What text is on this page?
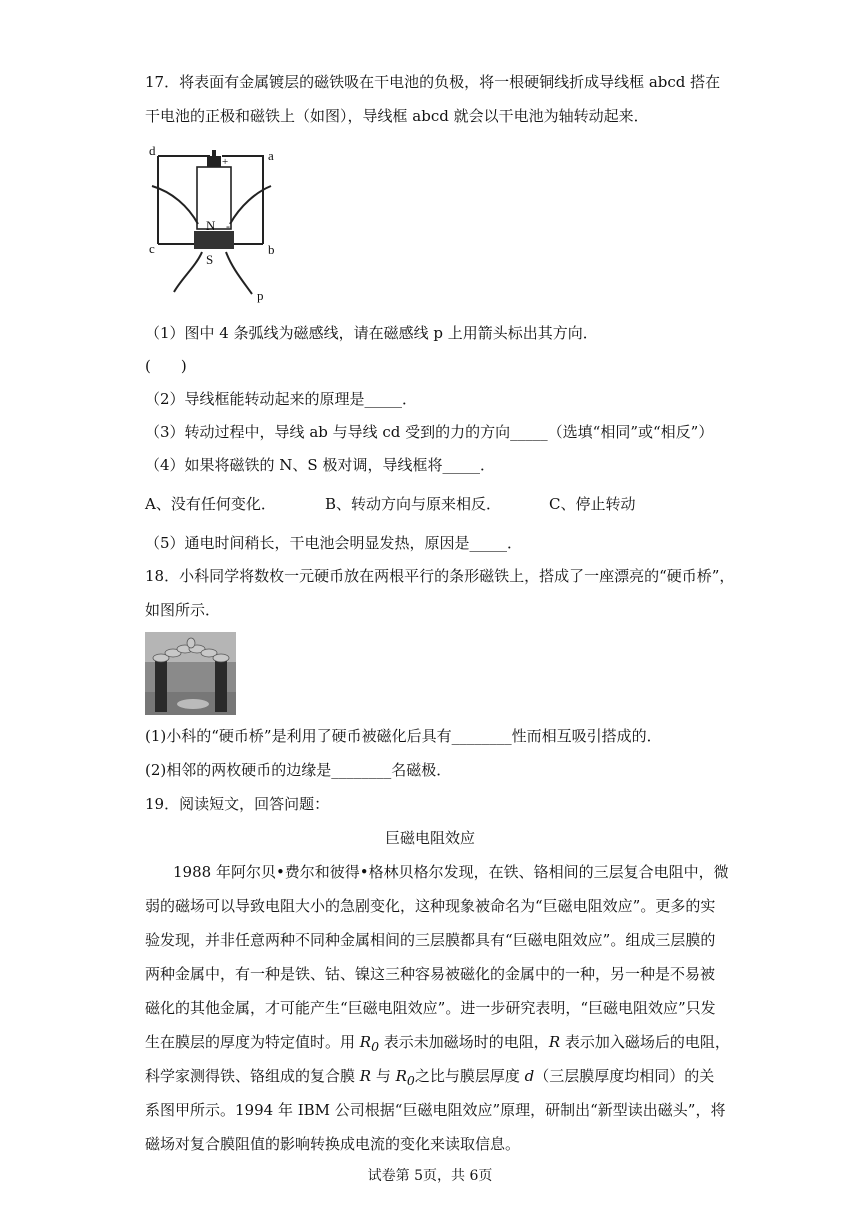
17．将表面有金属镀层的磁铁吸在干电池的负极，将一根硬铜线折成导线框 abcd 搭在
干电池的正极和磁铁上（如图），导线框 abcd 就会以干电池为轴转动起来．
d	a
c	b
N
S
p
+
-
（1）图中 4 条弧线为磁感线，请在磁感线 p 上用箭头标出其方向．
(　　)
（2）导线框能转动起来的原理是_____．
（3）转动过程中，导线 ab 与导线 cd 受到的力的方向_____（选填“相同”或“相反”）
（4）如果将磁铁的 N、S 极对调，导线框将_____．
A、没有任何变化．	B、转动方向与原来相反．	C、停止转动
（5）通电时间稍长，干电池会明显发热，原因是_____．
18．小科同学将数枚一元硬币放在两根平行的条形磁铁上，搭成了一座漂亮的“硬币桥”，
如图所示．
(1)小科的“硬币桥”是利用了硬币被磁化后具有________性而相互吸引搭成的．
(2)相邻的两枚硬币的边缘是________名磁极．
19．阅读短文，回答问题：
巨磁电阻效应
1988 年阿尔贝•费尔和彼得•格林贝格尔发现，在铁、铬相间的三层复合电阻中，微
弱的磁场可以导致电阻大小的急剧变化，这种现象被命名为“巨磁电阻效应”。更多的实
验发现，并非任意两种不同种金属相间的三层膜都具有“巨磁电阻效应”。组成三层膜的
两种金属中，有一种是铁、钴、镍这三种容易被磁化的金属中的一种，另一种是不易被
磁化的其他金属，才可能产生“巨磁电阻效应”。进一步研究表明，“巨磁电阻效应”只发
生在膜层的厚度为特定值时。用 $R_0$ 表示未加磁场时的电阻，R 表示加入磁场后的电阻，
科学家测得铁、铬组成的复合膜 R 与 $R_0$之比与膜层厚度 d（三层膜厚度均相同）的关
系图甲所示。1994 年 IBM 公司根据“巨磁电阻效应”原理，研制出“新型读出磁头”，将
磁场对复合膜阻值的影响转换成电流的变化来读取信息。
试卷第 5页，共 6页
